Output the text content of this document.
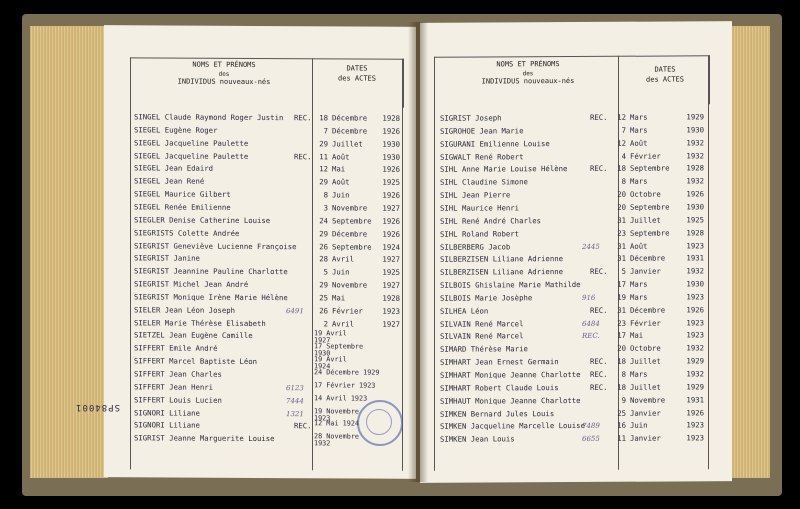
NOMS ET PRÉNOMS
des
INDIVIDUS nouveaux-nés
DATES
des ACTES
SINGEL Claude Raymond Roger Justin REC.	18 Décembre	1928
SIEGEL Eugène Roger	7 Décembre	1926
SIEGEL Jacqueline Paulette	29 Juillet	1930
SIEGEL Jacqueline Paulette	REC.	11 Août	1930
SIEGEL Jean Edaird	12 Mai	1926
SIEGEL Jean René	29 Août	1925
SIEGEL Maurice Gilbert	8 Juin	1926
SIEGEL Renée Emilienne	3 Novembre	1927
SIEGLER Denise Catherine Louise	24 Septembre	1926
SIEGRISTS Colette Andrée	29 Décembre	1926
SIEGRIST Geneviève Lucienne Françoise	26 Septembre	1924
SIEGRIST Janine	28 Avril	1927
SIEGRIST Jeannine Pauline Charlotte	5 Juin	1925
SIEGRIST Michel Jean André	29 Novembre	1927
SIEGRIST Monique Irène Marie Hélène	25 Mai	1928
SIELER Jean Léon Joseph	6491	26 Février	1923
SIELER Marie Thérèse Elisabeth	2 Avril	1927
SIETZEL Jean Eugène Camille	19 Avril
1927
SIFFERT Emile André	17 Septembre
1930
SIFFERT Marcel Baptiste Léon	19 Avril
1924
SIFFERT Jean Charles	24 Décembre 1929
SIFFERT Jean Henri	6123 17 Février 1923
SIFFERT Louis Lucien	7444 14 Avril 1923
SIGNORI Liliane	1321 19 Novembre
1923
SIGNORI Liliane	REC. 12 Mai 1924
SIGRIST Jeanne Marguerite Louise	28 Novembre
1932
NOMS ET PRÉNOMS
des
INDIVIDUS nouveaux-nés
DATES
des ACTES
SIGRIST Joseph	REC.	12 Mars	1929
SIGROHOE Jean Marie	7 Mars	1930
SIGURANI Emilienne Louise	12 Août	1932
SIGWALT René Robert	4 Février	1932
SIHL Anne Marie Louise Hélène	REC.	18 Septembre	1928
SIHL Claudine Simone	8 Mars	1932
SIHL Jean Pierre	20 Octobre	1926
SIHL Maurice Henri	20 Septembre	1930
SIHL René André Charles	31 Juillet	1925
SIHL Roland Robert	23 Septembre	1928
SILBERBERG Jacob	2445	31 Août	1923
SILBERZISEN Liliane Adrienne	31 Décembre	1931
SILBERZISEN Liliane Adrienne	REC.	5 Janvier	1932
SILBOIS Ghislaine Marie Mathilde	17 Mars	1930
SILBOIS Marie Josèphe	916	19 Mars	1923
SILHEA Léon	REC.	31 Décembre	1926
SILVAIN René Marcel	6484	23 Février	1923
SILVAIN René Marcel	REC.	17 Mai	1923
SIMARD Thérèse Marie	20 Octobre	1932
SIMHART Jean Ernest Germain	REC.	18 Juillet	1929
SIMHART Monique Jeanne Charlotte REC.	8 Mars	1932
SIMHART Robert Claude Louis	REC.	18 Juillet	1929
SIMHAUT Monique Jeanne Charlotte	9 Novembre	1931
SIMKEN Bernard Jules Louis	25 Janvier	1926
SIMKEN Jacqueline Marcelle Louise
7489	16 Juin	1923
SIMKEN Jean Louis	6655	11 Janvier	1923
SP84001
